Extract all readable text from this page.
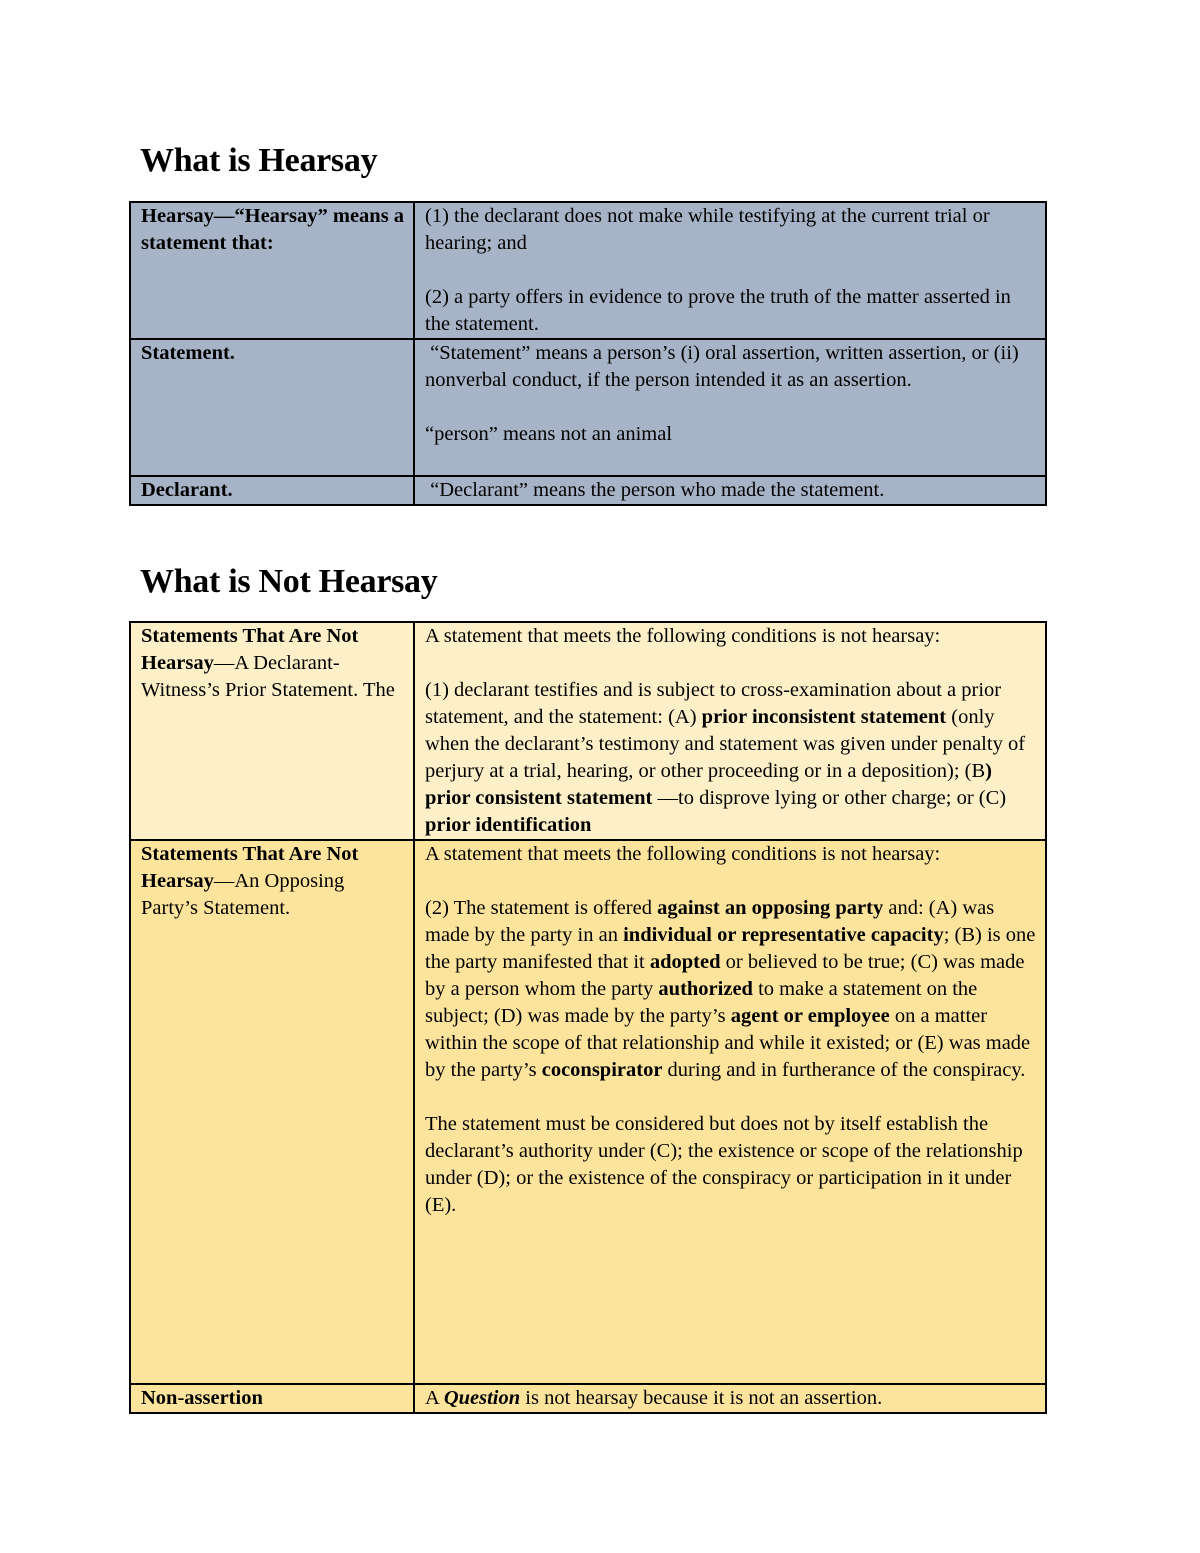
What is Hearsay
Hearsay—“Hearsay” means a statement that:	(1) the declarant does not make while testifying at the current trial or hearing; and

(2) a party offers in evidence to prove the truth of the matter asserted in the statement.

Statement.	“Statement” means a person’s (i) oral assertion, written assertion, or (ii) nonverbal conduct, if the person intended it as an assertion.

“person” means not an animal

Declarant.	“Declarant” means the person who made the statement.

What is Not Hearsay
Statements That Are Not Hearsay—A Declarant-Witness’s Prior Statement. The	A statement that meets the following conditions is not hearsay:

(1) declarant testifies and is subject to cross-examination about a prior statement, and the statement: (A) prior inconsistent statement (only when the declarant’s testimony and statement was given under penalty of perjury at a trial, hearing, or other proceeding or in a deposition); (B) prior consistent statement —to disprove lying or other charge; or (C) prior identification

Statements That Are Not Hearsay—An Opposing Party’s Statement.	A statement that meets the following conditions is not hearsay:

(2) The statement is offered against an opposing party and: (A) was made by the party in an individual or representative capacity; (B) is one the party manifested that it adopted or believed to be true; (C) was made by a person whom the party authorized to make a statement on the subject; (D) was made by the party’s agent or employee on a matter within the scope of that relationship and while it existed; or (E) was made by the party’s coconspirator during and in furtherance of the conspiracy.

The statement must be considered but does not by itself establish the declarant’s authority under (C); the existence or scope of the relationship under (D); or the existence of the conspiracy or participation in it under (E).

Non-assertion	A Question is not hearsay because it is not an assertion.
